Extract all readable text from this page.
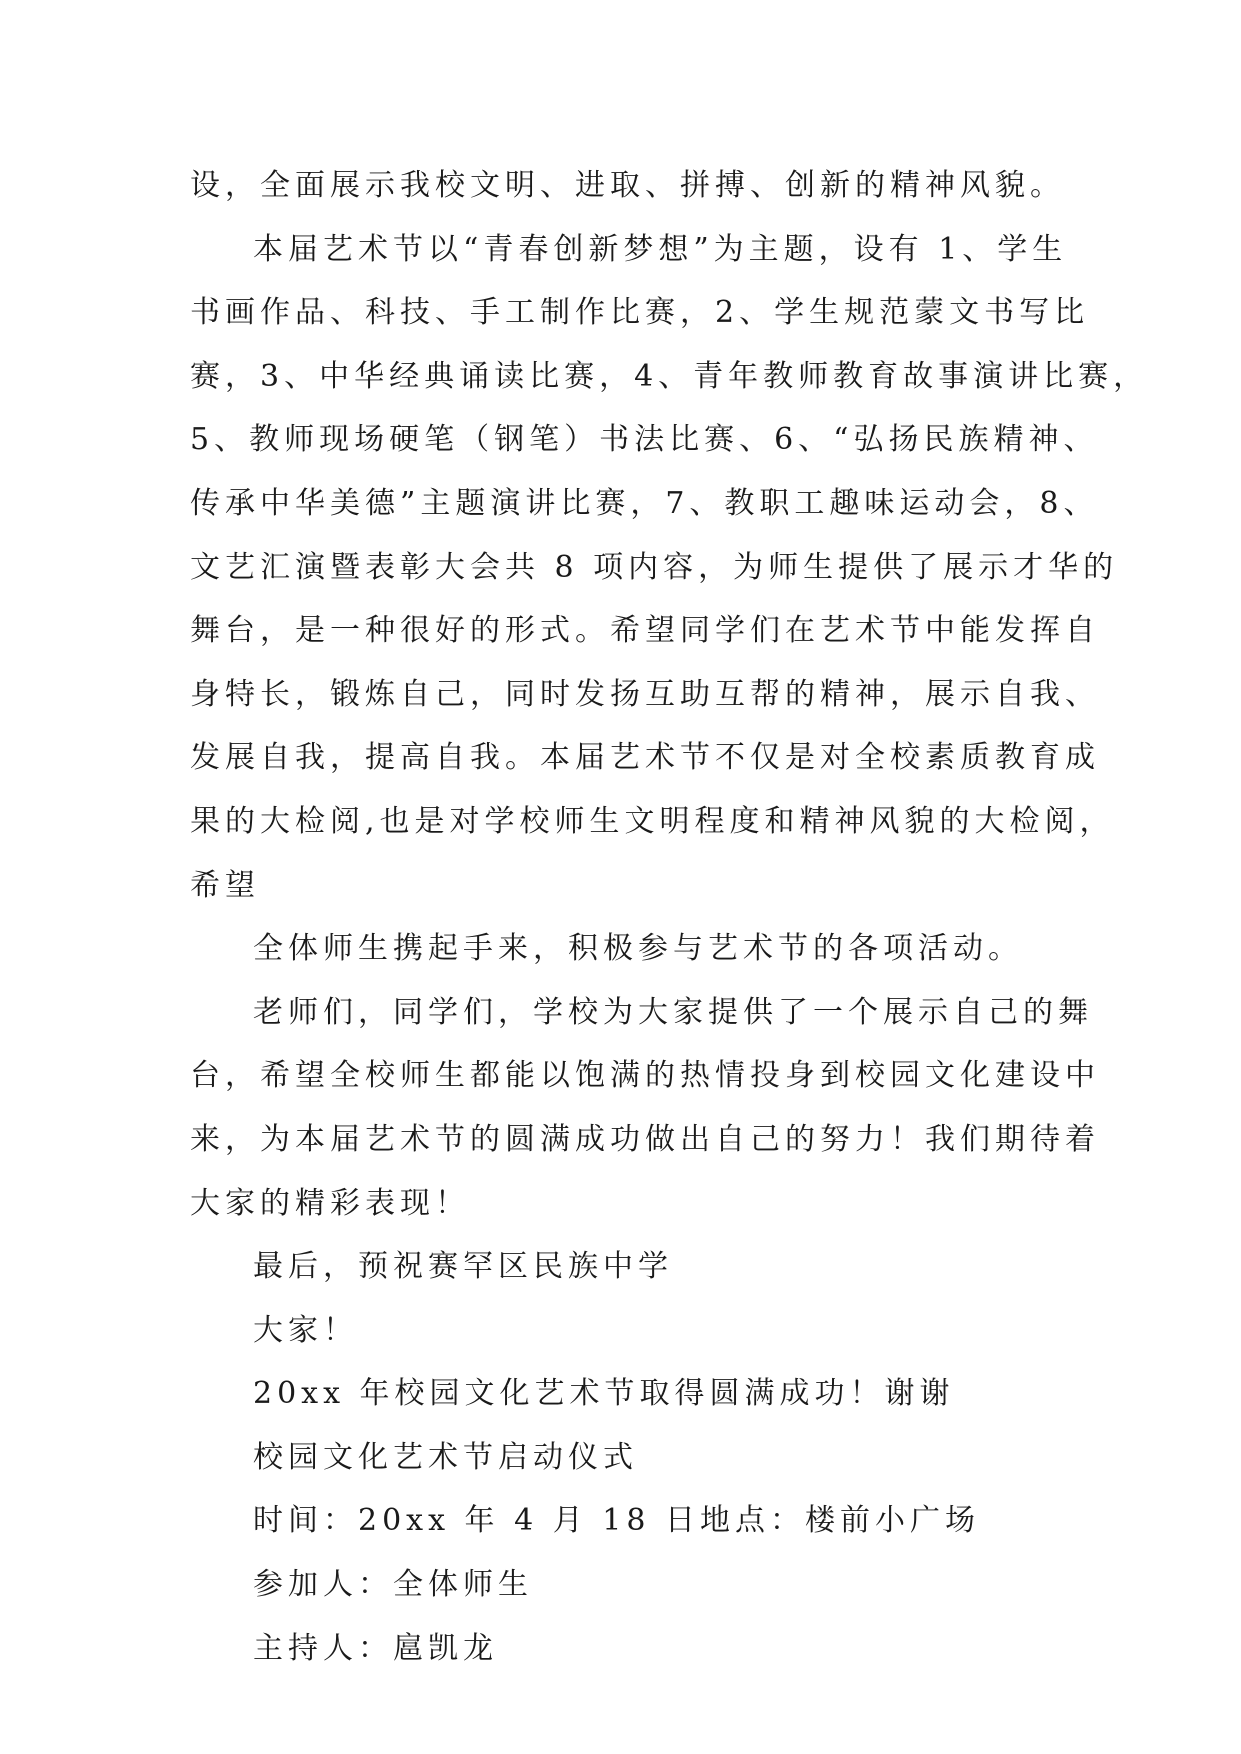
设，全面展示我校文明、进取、拼搏、创新的精神风貌。

本届艺术节以“青春创新梦想”为主题，设有 1、学生

书画作品、科技、手工制作比赛，2、学生规范蒙文书写比

赛，3、中华经典诵读比赛，4、青年教师教育故事演讲比赛，

5、教师现场硬笔（钢笔）书法比赛、6、“弘扬民族精神、

传承中华美德”主题演讲比赛，7、教职工趣味运动会，8、

文艺汇演暨表彰大会共 8 项内容，为师生提供了展示才华的

舞台，是一种很好的形式。希望同学们在艺术节中能发挥自

身特长，锻炼自己，同时发扬互助互帮的精神，展示自我、

发展自我，提高自我。本届艺术节不仅是对全校素质教育成

果的大检阅,也是对学校师生文明程度和精神风貌的大检阅，

希望

全体师生携起手来，积极参与艺术节的各项活动。

老师们，同学们，学校为大家提供了一个展示自己的舞

台，希望全校师生都能以饱满的热情投身到校园文化建设中

来，为本届艺术节的圆满成功做出自己的努力！我们期待着

大家的精彩表现！

最后，预祝赛罕区民族中学

大家！

20xx 年校园文化艺术节取得圆满成功！谢谢

校园文化艺术节启动仪式

时间：20xx 年 4 月 18 日地点：楼前小广场

参加人：全体师生

主持人：扈凯龙
